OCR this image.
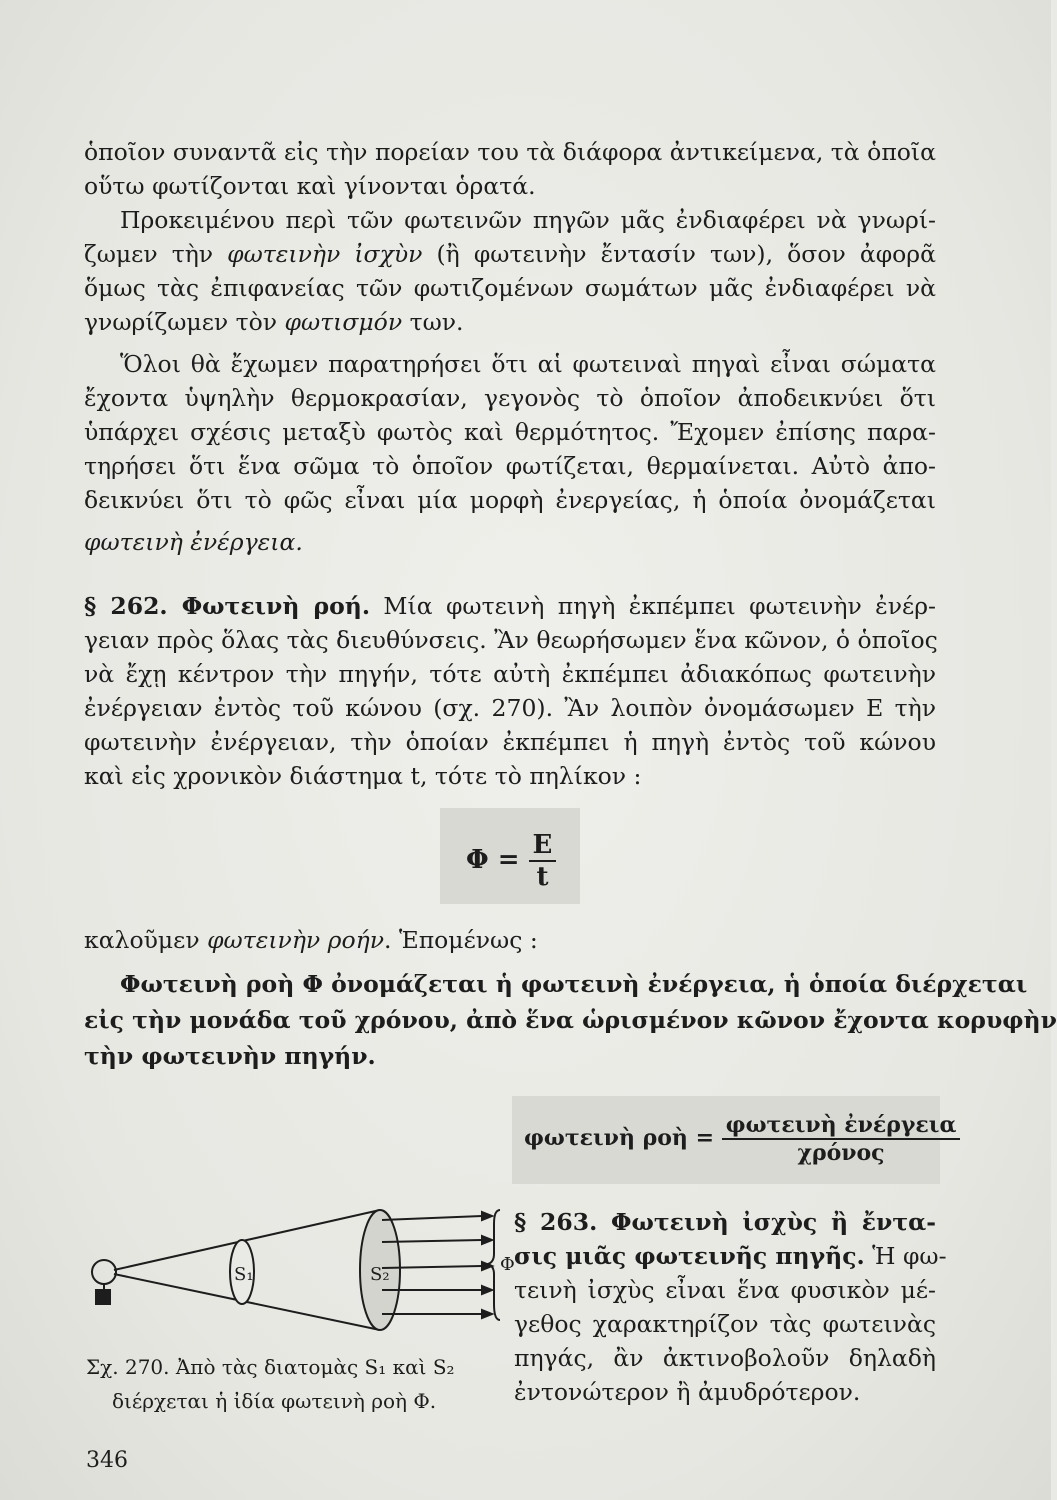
ὁποῖον συναντᾶ εἰς τὴν πορείαν του τὰ διάφορα ἀντικείμενα, τὰ ὁποῖα
οὕτω φωτίζονται καὶ γίνονται ὁρατά.
Προκειμένου περὶ τῶν φωτεινῶν πηγῶν μᾶς ἐνδιαφέρει νὰ γνωρί-
ζωμεν τὴν φωτεινὴν ἰσχὺν (ἢ φωτεινὴν ἔντασίν των), ὅσον ἀφορᾶ
ὅμως τὰς ἐπιφανείας τῶν φωτιζομένων σωμάτων μᾶς ἐνδιαφέρει νὰ
γνωρίζωμεν τὸν φωτισμόν των.
Ὅλοι θὰ ἔχωμεν παρατηρήσει ὅτι αἱ φωτειναὶ πηγαὶ εἶναι σώματα
ἔχοντα ὑψηλὴν θερμοκρασίαν, γεγονὸς τὸ ὁποῖον ἀποδεικνύει ὅτι
ὑπάρχει σχέσις μεταξὺ φωτὸς καὶ θερμότητος. Ἔχομεν ἐπίσης παρα-
τηρήσει ὅτι ἕνα σῶμα τὸ ὁποῖον φωτίζεται, θερμαίνεται. Αὐτὸ ἀπο-
δεικνύει ὅτι τὸ φῶς εἶναι μία μορφὴ ἐνεργείας, ἡ ὁποία ὀνομάζεται
φωτεινὴ ἐνέργεια.
§ 262. Φωτεινὴ ροή. Μία φωτεινὴ πηγὴ ἐκπέμπει φωτεινὴν ἐνέρ-
γειαν πρὸς ὅλας τὰς διευθύνσεις. Ἂν θεωρήσωμεν ἕνα κῶνον, ὁ ὁποῖος
νὰ ἔχῃ κέντρον τὴν πηγήν, τότε αὐτὴ ἐκπέμπει ἀδιακόπως φωτεινὴν
ἐνέργειαν ἐντὸς τοῦ κώνου (σχ. 270). Ἂν λοιπὸν ὀνομάσωμεν Ε τὴν
φωτεινὴν ἐνέργειαν, τὴν ὁποίαν ἐκπέμπει ἡ πηγὴ ἐντὸς τοῦ κώνου
καὶ εἰς χρονικὸν διάστημα t, τότε τὸ πηλίκον :
$\Phi = \frac{E}{t}$
καλοῦμεν φωτεινὴν ροήν. Ἑπομένως :
Φωτεινὴ ροὴ Φ ὀνομάζεται ἡ φωτεινὴ ἐνέργεια, ἡ ὁποία διέρχεται
εἰς τὴν μονάδα τοῦ χρόνου, ἀπὸ ἕνα ὡρισμένον κῶνον ἔχοντα κορυφὴν
τὴν φωτεινὴν πηγήν.
φωτεινὴ ροὴ = $\frac{\text{φωτεινὴ ἐνέργεια}}{\text{χρόνος}}$
S₁	S₂	Φ
Σχ. 270. Ἀπὸ τὰς διατομὰς S₁ καὶ S₂
διέρχεται ἡ ἰδία φωτεινὴ ροὴ Φ.
§ 263. Φωτεινὴ ἰσχὺς ἢ ἔντα-
σις μιᾶς φωτεινῆς πηγῆς. Ἡ φω-
τεινὴ ἰσχὺς εἶναι ἕνα φυσικὸν μέ-
γεθος χαρακτηρίζον τὰς φωτεινὰς
πηγάς, ἂν ἀκτινοβολοῦν δηλαδὴ
ἐντονώτερον ἢ ἀμυδρότερον.
346
